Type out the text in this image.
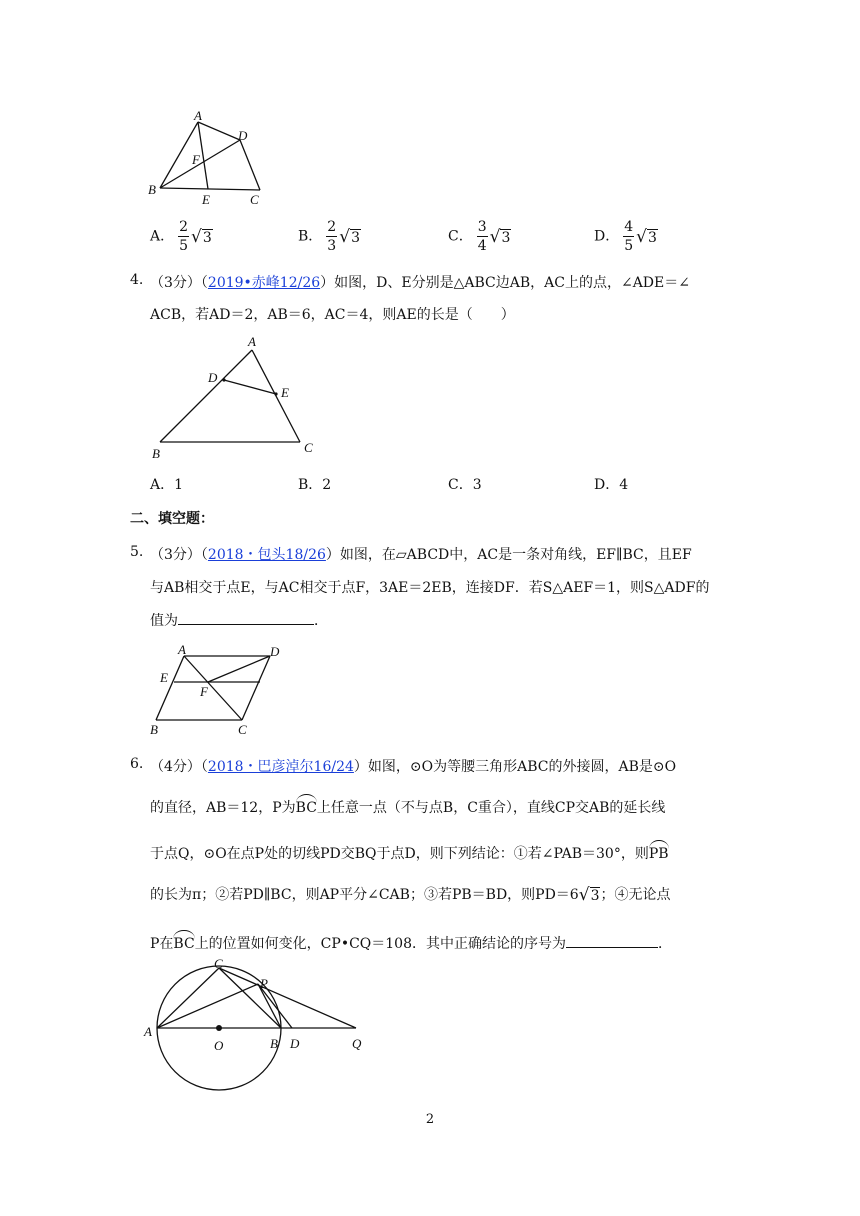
A
D
F
B
E	C
A． $\frac{2}{5} √3$	B． $\frac{2}{3} √3$	C． $\frac{3}{4} √3$	D． $\frac{4}{5} √3$
4. （3分）（2019•赤峰12/26）如图，D、E分别是△ABC边AB，AC上的点，∠ADE＝∠
ACB，若AD＝2，AB＝6，AC＝4，则AE的长是（　　）
A
D
E
B	C
A．1	B．2	C．3	D．4
二、填空题：
5. （3分）（2018・包头18/26）如图，在▱ABCD中，AC是一条对角线，EF∥BC，且EF
与AB相交于点E，与AC相交于点F，3AE＝2EB，连接DF．若S△AEF＝1，则S△ADF的
值为	．
A	D
E
F
B	C
6. （4分）（2018・巴彦淖尔16/24）如图，⊙O为等腰三角形ABC的外接圆，AB是⊙O
的直径，AB＝12，P为BC上任意一点（不与点B，C重合），直线CP交AB的延长线
于点Q，⊙O在点P处的切线PD交BQ于点D，则下列结论：①若∠PAB＝30°，则PB
的长为π；②若PD∥BC，则AP平分∠CAB；③若PB＝BD，则PD＝6√3；④无论点
P在BC上的位置如何变化，CP•CQ＝108．其中正确结论的序号为	．
C
P
A
O	B D	Q
2
